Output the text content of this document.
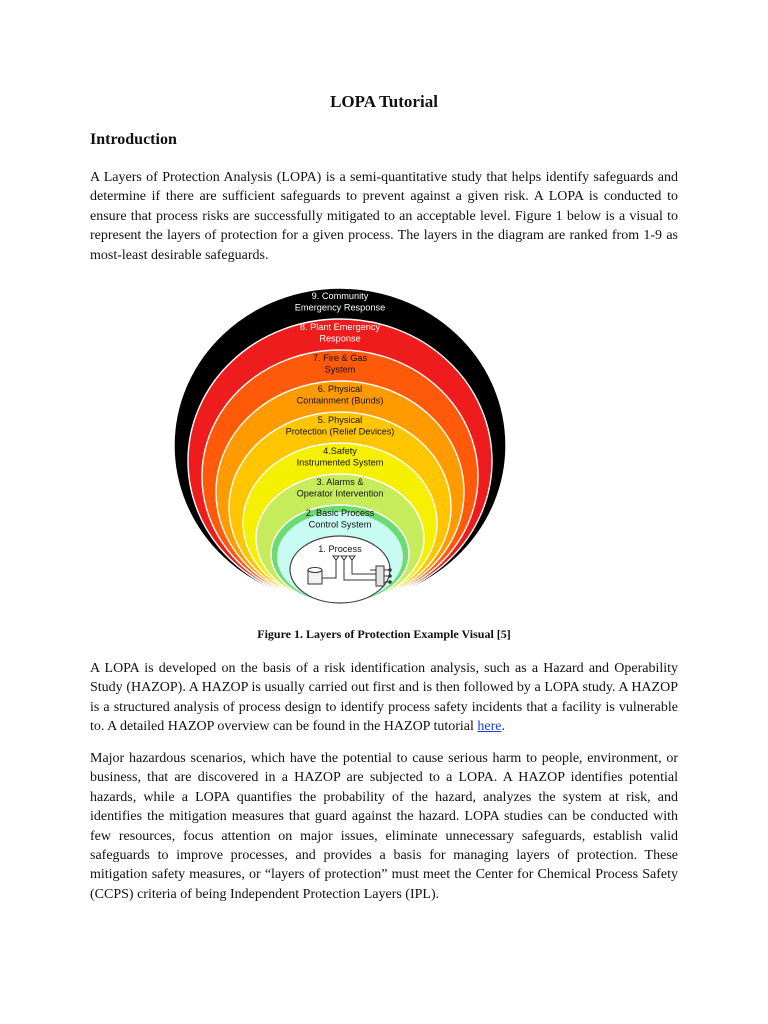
LOPA Tutorial
Introduction

A Layers of Protection Analysis (LOPA) is a semi-quantitative study that helps identify safeguards and determine if there are sufficient safeguards to prevent against a given risk. A LOPA is conducted to ensure that process risks are successfully mitigated to an acceptable level. Figure 1 below is a visual to represent the layers of protection for a given process. The layers in the diagram are ranked from 1-9 as most-least desirable safeguards.

9. Community Emergency Response
8. Plant Emergency Response
7. Fire & Gas System
6. Physical Containment (Bunds)
5. Physical Protection (Relief Devices)
4.Safety Instrumented System
3. Alarms & Operator Intervention
2. Basic Process Control System
1. Process

Figure 1. Layers of Protection Example Visual [5]

A LOPA is developed on the basis of a risk identification analysis, such as a Hazard and Operability Study (HAZOP). A HAZOP is usually carried out first and is then followed by a LOPA study. A HAZOP is a structured analysis of process design to identify process safety incidents that a facility is vulnerable to. A detailed HAZOP overview can be found in the HAZOP tutorial here.

Major hazardous scenarios, which have the potential to cause serious harm to people, environment, or business, that are discovered in a HAZOP are subjected to a LOPA. A HAZOP identifies potential hazards, while a LOPA quantifies the probability of the hazard, analyzes the system at risk, and identifies the mitigation measures that guard against the hazard. LOPA studies can be conducted with few resources, focus attention on major issues, eliminate unnecessary safeguards, establish valid safeguards to improve processes, and provides a basis for managing layers of protection. These mitigation safety measures, or “layers of protection” must meet the Center for Chemical Process Safety (CCPS) criteria of being Independent Protection Layers (IPL).
